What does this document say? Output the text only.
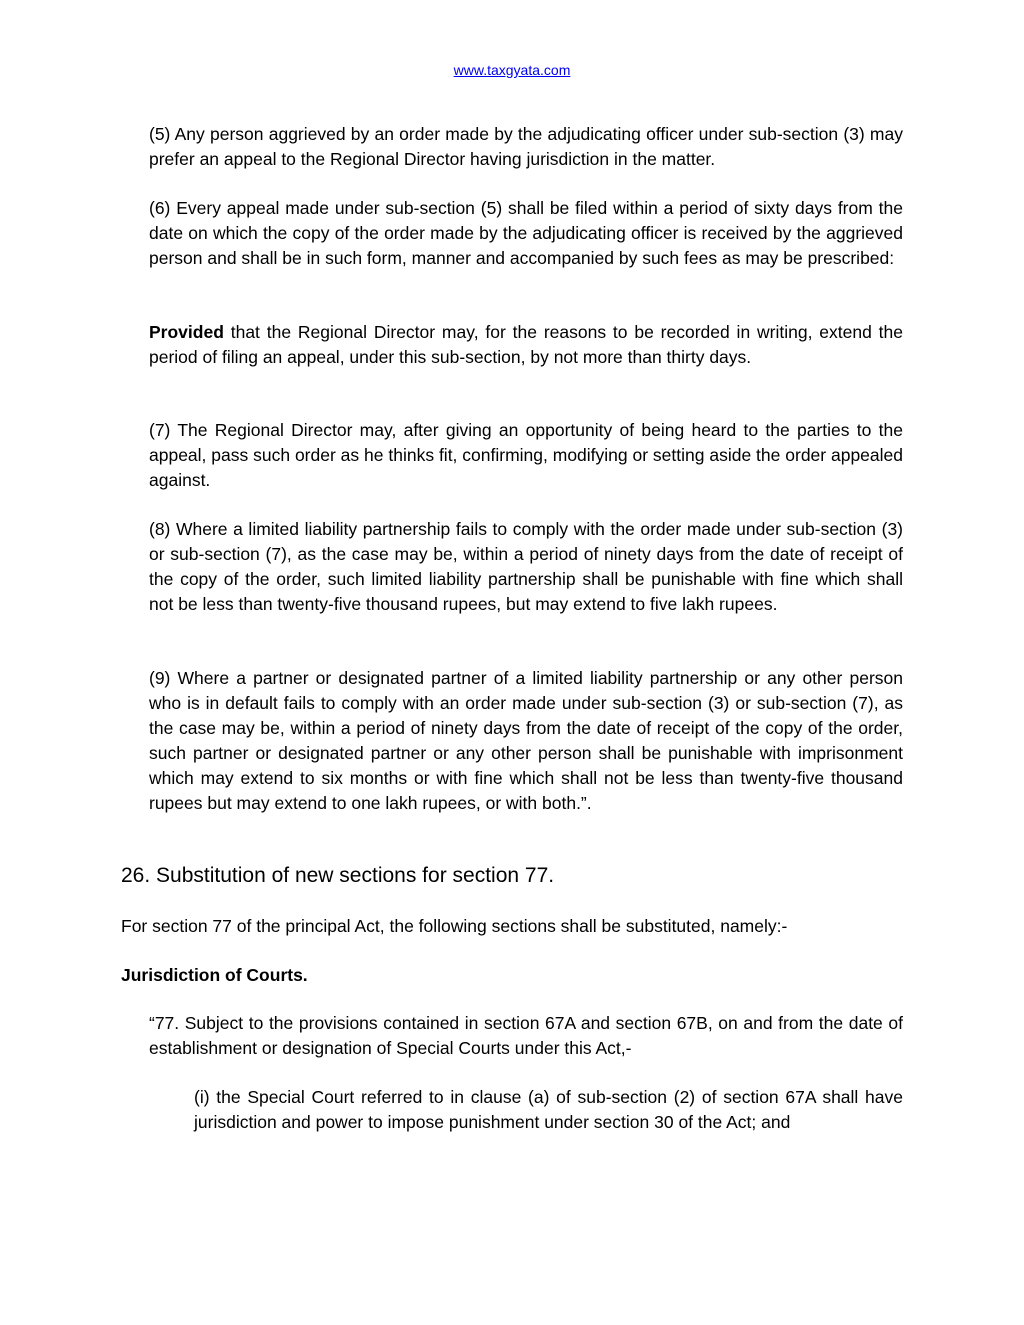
www.taxgyata.com

(5) Any person aggrieved by an order made by the adjudicating officer under sub-section (3) may prefer an appeal to the Regional Director having jurisdiction in the matter.

(6) Every appeal made under sub-section (5) shall be filed within a period of sixty days from the date on which the copy of the order made by the adjudicating officer is received by the aggrieved person and shall be in such form, manner and accompanied by such fees as may be prescribed:

Provided that the Regional Director may, for the reasons to be recorded in writing, extend the period of filing an appeal, under this sub-section, by not more than thirty days.

(7) The Regional Director may, after giving an opportunity of being heard to the parties to the appeal, pass such order as he thinks fit, confirming, modifying or setting aside the order appealed against.

(8) Where a limited liability partnership fails to comply with the order made under sub-section (3) or sub-section (7), as the case may be, within a period of ninety days from the date of receipt of the copy of the order, such limited liability partnership shall be punishable with fine which shall not be less than twenty-five thousand rupees, but may extend to five lakh rupees.

(9) Where a partner or designated partner of a limited liability partnership or any other person who is in default fails to comply with an order made under sub-section (3) or sub-section (7), as the case may be, within a period of ninety days from the date of receipt of the copy of the order, such partner or designated partner or any other person shall be punishable with imprisonment which may extend to six months or with fine which shall not be less than twenty-five thousand rupees but may extend to one lakh rupees, or with both.”.

26. Substitution of new sections for section 77.

For section 77 of the principal Act, the following sections shall be substituted, namely:-

Jurisdiction of Courts.

“77. Subject to the provisions contained in section 67A and section 67B, on and from the date of establishment or designation of Special Courts under this Act,-

(i) the Special Court referred to in clause (a) of sub-section (2) of section 67A shall have jurisdiction and power to impose punishment under section 30 of the Act; and
